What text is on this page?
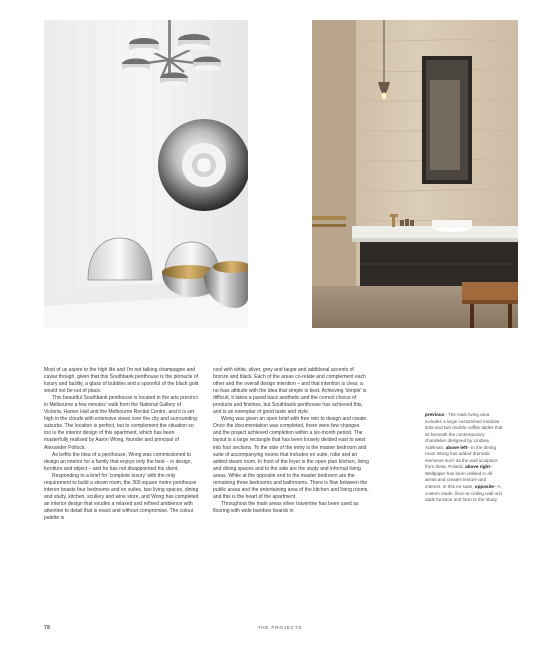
Most of us aspire to the high life and I'm not talking champagne and caviar though, given that this Southbank penthouse is the pinnacle of luxury and facility, a glass of bubbles and a spoonful of the black gold would not be out of place.

This beautiful Southbank penthouse is located in the arts precinct in Melbourne a few minutes' walk from the National Gallery of Victoria, Hamer Hall and the Melbourne Recital Centre, and it is set high in the clouds with extensive views over the city and surrounding suburbs. The location is perfect, but to complement the situation so too is the interior design of this apartment, which has been masterfully realised by Aaron Wong, founder and principal of Alexander Pollock.

As befits the idea of a penthouse, Wong was commissioned to design an interior for a family that enjoys only the best – in design, furniture and object – and he has not disappointed his client.

Responding to a brief for 'complete luxury' with the only requirement to build a steam room, the 300 square metre penthouse interior boasts four bedrooms and en suites, two living spaces, dining and study, kitchen, scullery and wine store, and Wong has completed an interior design that exudes a relaxed and refined ambience with attention to detail that is exact and without compromise. The colour palette is

cool with white, silver, grey and taupe and additional accents of bronze and black. Each of the areas co-relate and complement each other and the overall design intention – and that intention is clear, a no-fuss attitude with the idea that simple is best. Achieving 'simple' is difficult, it takes a pared back aesthetic and the correct choice of products and finishes, but Southbank penthouse has achieved this, and is an exemplar of good taste and style.

Wong was given an open brief with free rein to design and create. Once the documentation was completed, there were few changes and the project achieved completion within a six-month period. The layout is a large rectangle that has been loosely divided east to west into four sections. To the side of the entry is the master bedroom and suite of accompanying rooms that includes en suite, robe and an added steam room. In front of the foyer is the open plan kitchen, living and dining spaces and to the side are the study and informal living areas. While at the opposite end to the master bedroom are the remaining three bedrooms and bathrooms. There is flow between the public areas and the entertaining area of the kitchen and living rooms, and this is the heart of the apartment.

Throughout the main areas silver travertine has been used as flooring with wide bamboo boards in

previous– The main living area includes a large customised modular sofa and two marble coffee tables that sit beneath the contemporary chandelier designed by Lindsey Adelman. above left– In the dining room Wong has added dramatic elements such as the wall sculpture from Zieta, Poland. above right– Wallpaper has been utilised in all areas and creates texture and interest. In this en suite, opposite– A custom made, floor-to-ceiling wall unit adds function and form to the study.
78	THE PROJECTS
